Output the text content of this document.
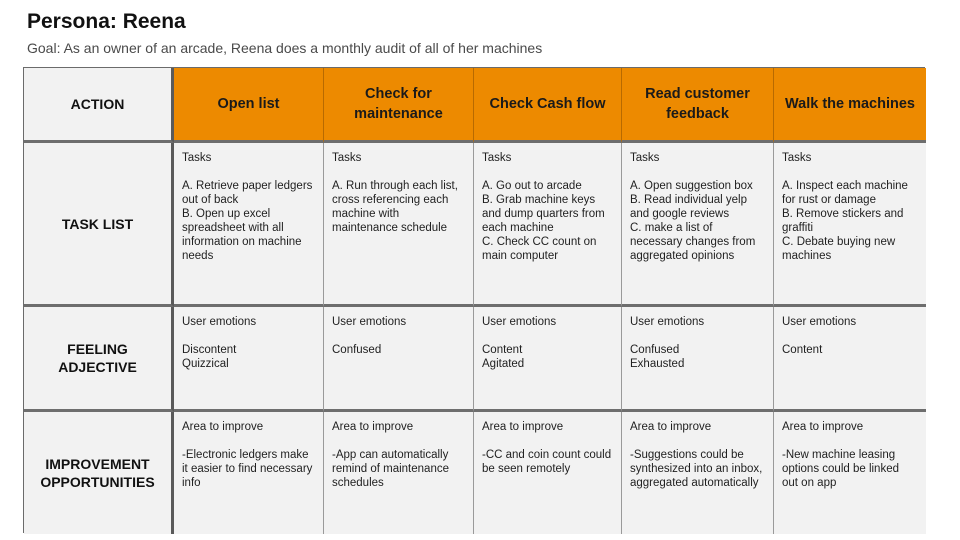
Persona: Reena
Goal: As an owner of an arcade, Reena does a monthly audit of all of her machines
ACTION	Open list
Check for maintenance
Check Cash flow
Read customer feedback
Walk the machines
TASK LIST
Tasks
A. Retrieve paper ledgers out of back
B. Open up excel spreadsheet with all information on machine needs
Tasks
A. Run through each list, cross referencing each machine with maintenance schedule
Tasks
A. Go out to arcade
B. Grab machine keys and dump quarters from each machine
C. Check CC count on main computer
Tasks
A. Open suggestion box
B. Read individual yelp and google reviews
C. make a list of necessary changes from aggregated opinions
Tasks
A. Inspect each machine for rust or damage
B. Remove stickers and graffiti
C. Debate buying new machines
FEELING ADJECTIVE
User emotions
Discontent
Quizzical
User emotions
Confused
User emotions
Content
Agitated
User emotions
Confused
Exhausted
User emotions
Content
IMPROVEMENT OPPORTUNITIES
Area to improve
-Electronic ledgers make it easier to find necessary info
Area to improve
-App can automatically remind of maintenance schedules
Area to improve
-CC and coin count could be seen remotely
Area to improve
-Suggestions could be synthesized into an inbox, aggregated automatically
Area to improve
-New machine leasing options could be linked out on app
